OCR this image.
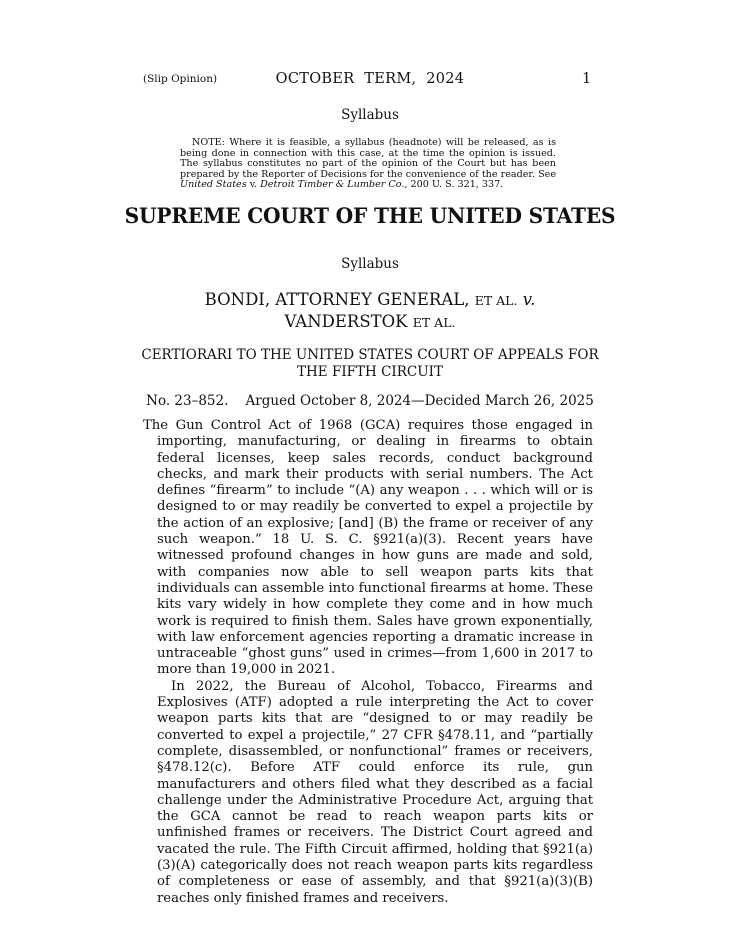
(Slip Opinion)	OCTOBER  TERM,  2024	1
Syllabus
NOTE: Where it is feasible, a syllabus (headnote) will be released, as is being done in connection with this case, at the time the opinion is issued. The syllabus constitutes no part of the opinion of the Court but has been prepared by the Reporter of Decisions for the convenience of the reader. See United States v. Detroit Timber & Lumber Co., 200 U. S. 321, 337.
SUPREME COURT OF THE UNITED STATES
Syllabus
BONDI, ATTORNEY GENERAL, ET AL. v.
VANDERSTOK ET AL.
CERTIORARI TO THE UNITED STATES COURT OF APPEALS FOR THE FIFTH CIRCUIT
No. 23–852.    Argued October 8, 2024—Decided March 26, 2025

The Gun Control Act of 1968 (GCA) requires those engaged in importing, manufacturing, or dealing in firearms to obtain federal licenses, keep sales records, conduct background checks, and mark their products with serial numbers. The Act defines “firearm” to include “(A) any weapon . . . which will or is designed to or may readily be converted to expel a projectile by the action of an explosive; [and] (B) the frame or receiver of any such weapon.” 18 U. S. C. §921(a)(3). Recent years have witnessed profound changes in how guns are made and sold, with companies now able to sell weapon parts kits that individuals can assemble into functional firearms at home. These kits vary widely in how complete they come and in how much work is required to finish them. Sales have grown exponentially, with law enforcement agencies reporting a dramatic increase in untraceable “ghost guns” used in crimes—from 1,600 in 2017 to more than 19,000 in 2021.

In 2022, the Bureau of Alcohol, Tobacco, Firearms and Explosives (ATF) adopted a rule interpreting the Act to cover weapon parts kits that are “designed to or may readily be converted to expel a projectile,” 27 CFR §478.11, and “partially complete, disassembled, or nonfunctional” frames or receivers, §478.12(c). Before ATF could enforce its rule, gun manufacturers and others filed what they described as a facial challenge under the Administrative Procedure Act, arguing that the GCA cannot be read to reach weapon parts kits or unfinished frames or receivers. The District Court agreed and vacated the rule. The Fifth Circuit affirmed, holding that §921(a)(3)(A) categorically does not reach weapon parts kits regardless of completeness or ease of assembly, and that §921(a)(3)(B) reaches only finished frames and receivers.
